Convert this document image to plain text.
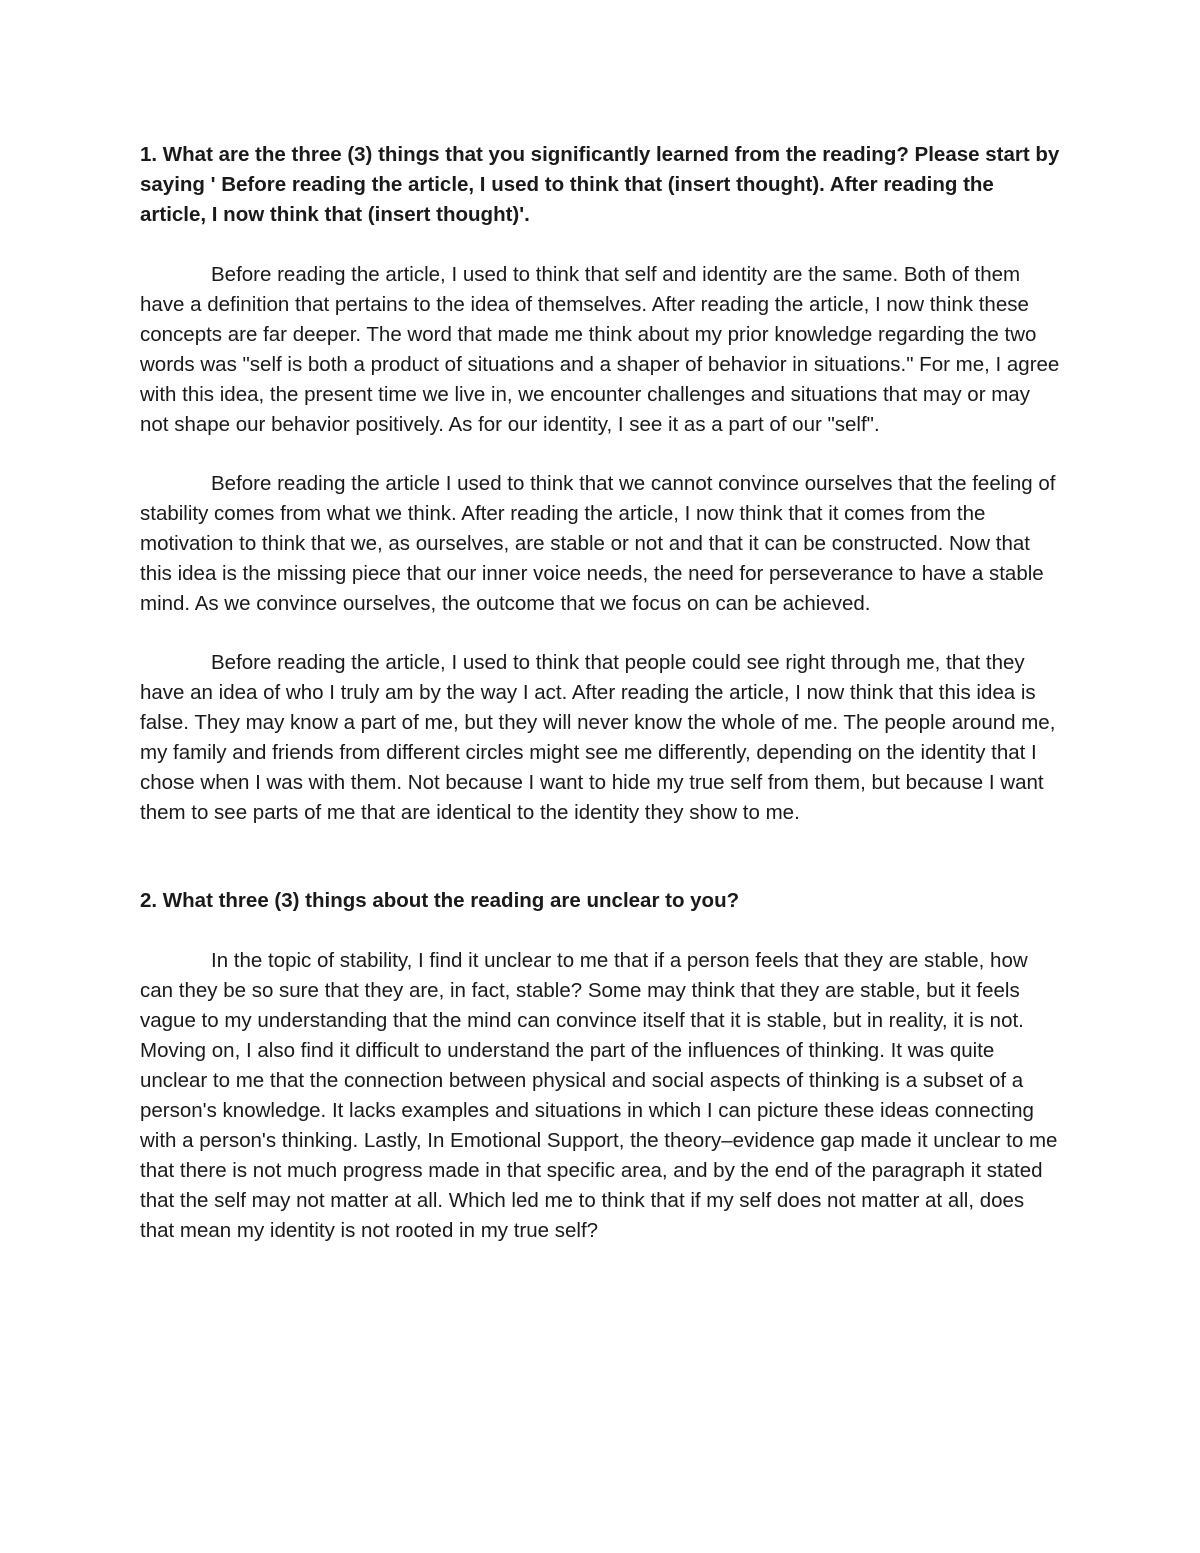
1. What are the three (3) things that you significantly learned from the reading? Please start by saying ' Before reading the article, I used to think that (insert thought). After reading the article, I now think that (insert thought)'.

Before reading the article, I used to think that self and identity are the same. Both of them have a definition that pertains to the idea of themselves. After reading the article, I now think these concepts are far deeper. The word that made me think about my prior knowledge regarding the two words was "self is both a product of situations and a shaper of behavior in situations." For me, I agree with this idea, the present time we live in, we encounter challenges and situations that may or may not shape our behavior positively. As for our identity, I see it as a part of our "self".

Before reading the article I used to think that we cannot convince ourselves that the feeling of stability comes from what we think. After reading the article, I now think that it comes from the motivation to think that we, as ourselves, are stable or not and that it can be constructed. Now that this idea is the missing piece that our inner voice needs, the need for perseverance to have a stable mind. As we convince ourselves, the outcome that we focus on can be achieved.

Before reading the article, I used to think that people could see right through me, that they have an idea of who I truly am by the way I act. After reading the article, I now think that this idea is false. They may know a part of me, but they will never know the whole of me. The people around me, my family and friends from different circles might see me differently, depending on the identity that I chose when I was with them. Not because I want to hide my true self from them, but because I want them to see parts of me that are identical to the identity they show to me.

2. What three (3) things about the reading are unclear to you?

In the topic of stability, I find it unclear to me that if a person feels that they are stable, how can they be so sure that they are, in fact, stable? Some may think that they are stable, but it feels vague to my understanding that the mind can convince itself that it is stable, but in reality, it is not. Moving on, I also find it difficult to understand the part of the influences of thinking. It was quite unclear to me that the connection between physical and social aspects of thinking is a subset of a person's knowledge. It lacks examples and situations in which I can picture these ideas connecting with a person's thinking. Lastly, In Emotional Support, the theory–evidence gap made it unclear to me that there is not much progress made in that specific area, and by the end of the paragraph it stated that the self may not matter at all. Which led me to think that if my self does not matter at all, does that mean my identity is not rooted in my true self?
